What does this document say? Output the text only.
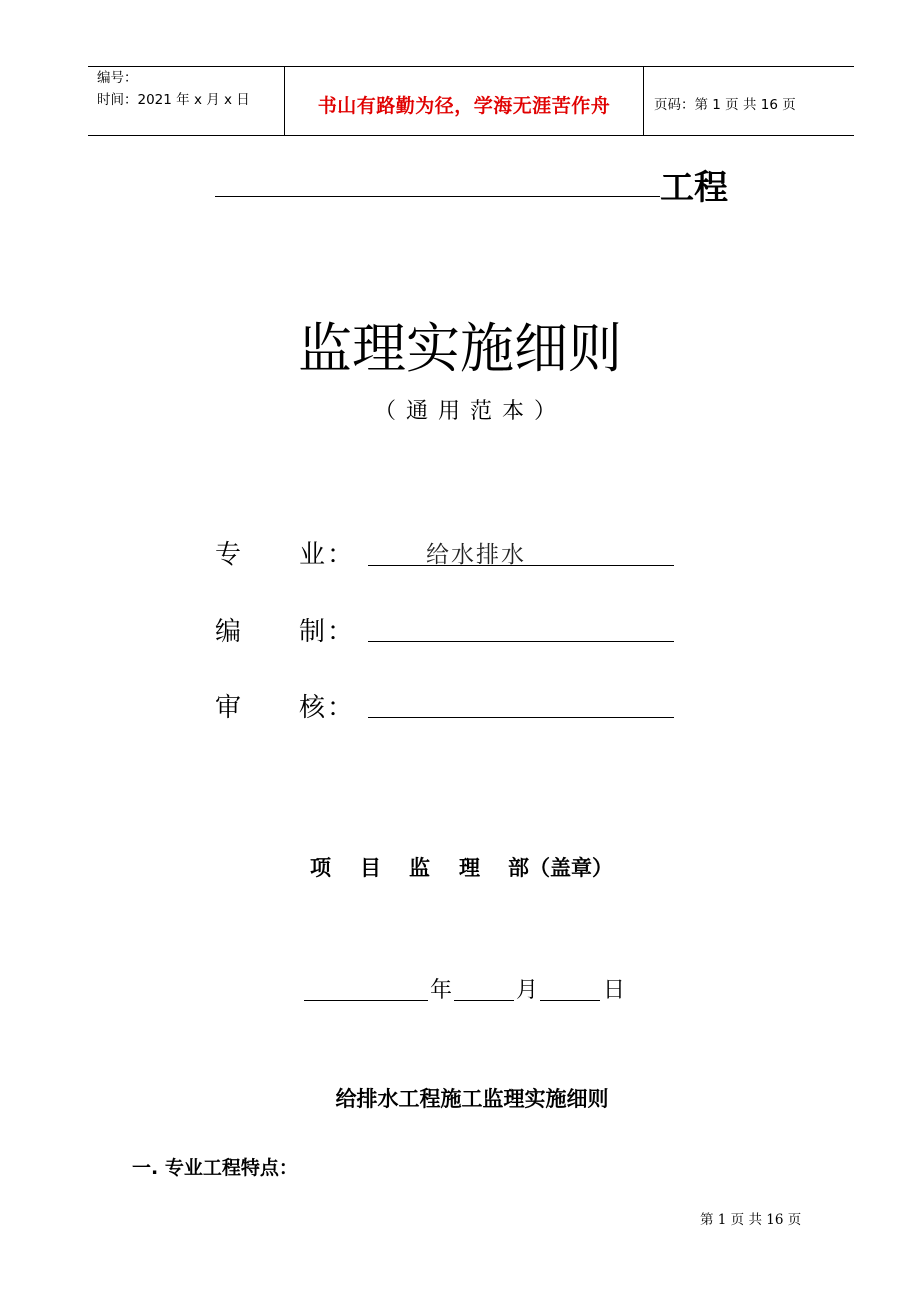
编号：
时间：2021 年 x 月 x 日	书山有路勤为径，学海无涯苦作舟	页码：第 1 页 共 16 页
工程
监理实施细则
（通用范本）
专 业 ：	给水排水
编 制 ：
审 核 ：
项 目 监 理 部（盖章）
年	月	日
给排水工程施工监理实施细则
一. 专业工程特点：
第 1 页 共 16 页
